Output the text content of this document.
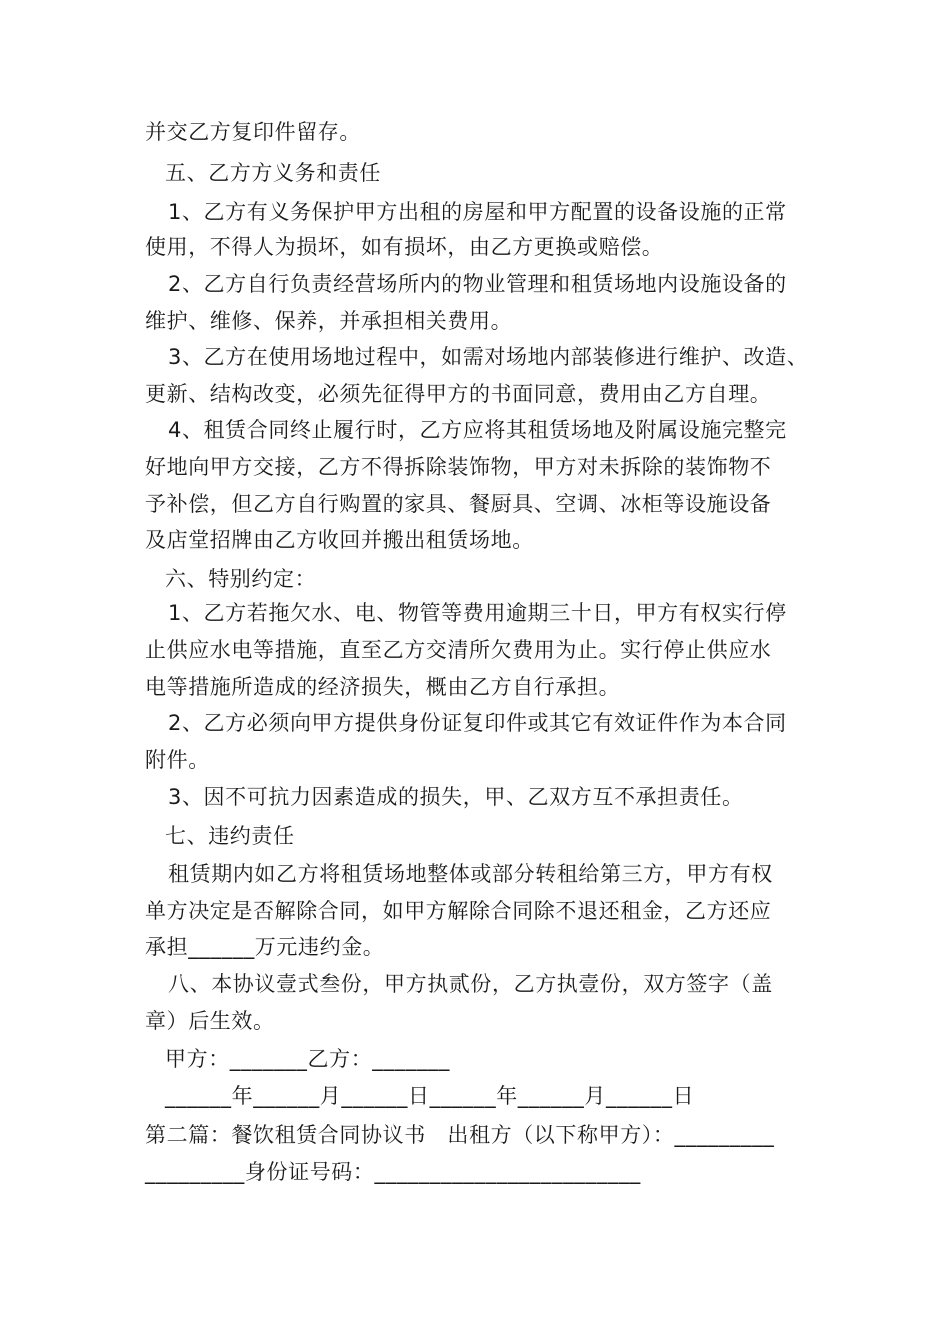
并交乙方复印件留存。
五、乙方方义务和责任
1、乙方有义务保护甲方出租的房屋和甲方配置的设备设施的正常
使用，不得人为损坏，如有损坏，由乙方更换或赔偿。
2、乙方自行负责经营场所内的物业管理和租赁场地内设施设备的
维护、维修、保养，并承担相关费用。
3、乙方在使用场地过程中，如需对场地内部装修进行维护、改造、
更新、结构改变，必须先征得甲方的书面同意，费用由乙方自理。
4、租赁合同终止履行时，乙方应将其租赁场地及附属设施完整完
好地向甲方交接，乙方不得拆除装饰物，甲方对未拆除的装饰物不
予补偿，但乙方自行购置的家具、餐厨具、空调、冰柜等设施设备
及店堂招牌由乙方收回并搬出租赁场地。
六、特别约定：
1、乙方若拖欠水、电、物管等费用逾期三十日，甲方有权实行停
止供应水电等措施，直至乙方交清所欠费用为止。实行停止供应水
电等措施所造成的经济损失，概由乙方自行承担。
2、乙方必须向甲方提供身份证复印件或其它有效证件作为本合同
附件。
3、因不可抗力因素造成的损失，甲、乙双方互不承担责任。
七、违约责任
租赁期内如乙方将租赁场地整体或部分转租给第三方，甲方有权
单方决定是否解除合同，如甲方解除合同除不退还租金，乙方还应
承担______万元违约金。
八、本协议壹式叁份，甲方执贰份，乙方执壹份，双方签字（盖
章）后生效。
甲方：_______乙方：_______
______年______月______日______年______月______日
第二篇：餐饮租赁合同协议书　出租方（以下称甲方）：_________
_________身份证号码：________________________
